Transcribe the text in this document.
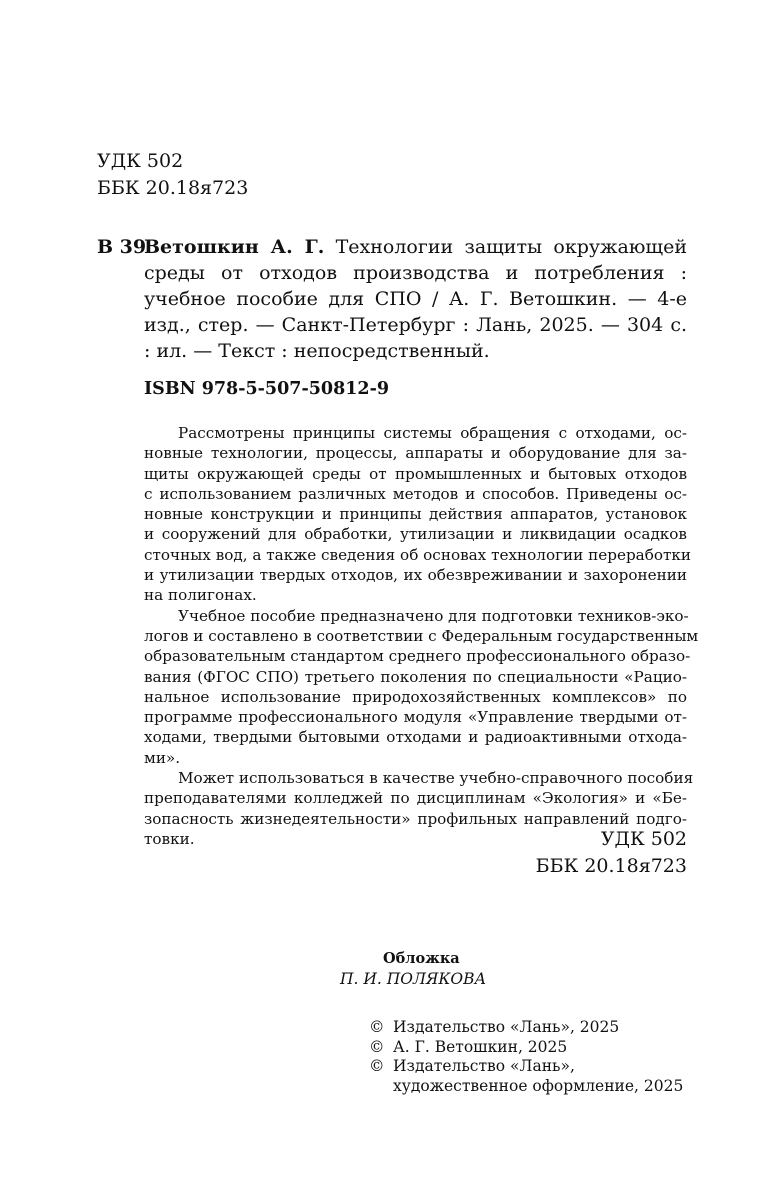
УДК 502
ББК 20.18я723
В 39
Ветошкин А. Г. Технологии защиты окружающей среды от отходов производства и потребления : учебное пособие для СПО / А. Г. Ветошкин. — 4-е изд., стер. — Санкт-Петербург : Лань, 2025. — 304 с. : ил. — Текст : непосредственный.
ISBN 978-5-507-50812-9
Рассмотрены принципы системы обращения с отходами, ос-
новные технологии, процессы, аппараты и оборудование для за-
щиты окружающей среды от промышленных и бытовых отходов
с использованием различных методов и способов. Приведены ос-
новные конструкции и принципы действия аппаратов, установок
и сооружений для обработки, утилизации и ликвидации осадков
сточных вод, а также сведения об основах технологии переработки
и утилизации твердых отходов, их обезвреживании и захоронении
на полигонах.
Учебное пособие предназначено для подготовки техников-эко-
логов и составлено в соответствии с Федеральным государственным
образовательным стандартом среднего профессионального образо-
вания (ФГОС СПО) третьего поколения по специальности «Рацио-
нальное использование природохозяйственных комплексов» по
программе профессионального модуля «Управление твердыми от-
ходами, твердыми бытовыми отходами и радиоактивными отхода-
ми».
Может использоваться в качестве учебно-справочного пособия
преподавателями колледжей по дисциплинам «Экология» и «Бе-
зопасность жизнедеятельности» профильных направлений подго-
товки.	УДК 502
ББК 20.18я723
Обложка
П. И. ПОЛЯКОВА
© Издательство «Лань», 2025
© А. Г. Ветошкин, 2025
© Издательство «Лань»,
художественное оформление, 2025
